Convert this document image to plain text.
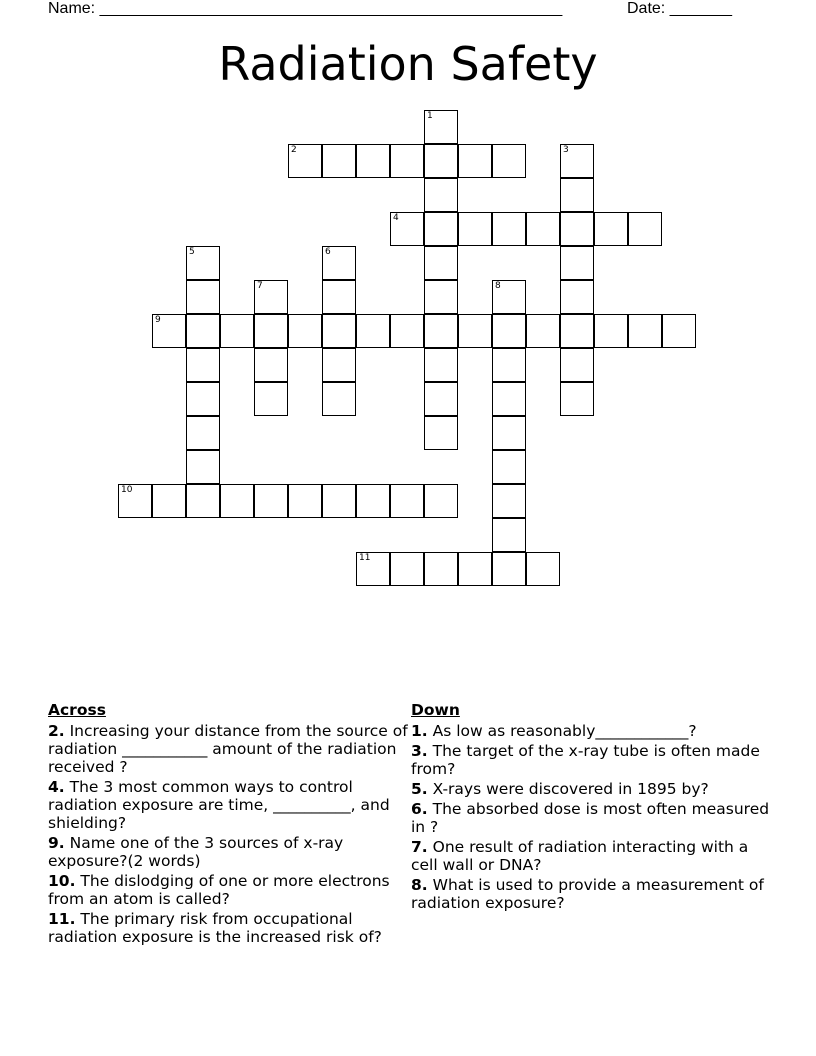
Name: ____________________________________________________	Date: _______
Radiation Safety
1
2	3
4
5	6
7	8
9
10
11
Across
2. Increasing your distance from the source of radiation ___________ amount of the radiation received ?
4. The 3 most common ways to control radiation exposure are time, __________, and shielding?
9. Name one of the 3 sources of x-ray exposure?(2 words)
10. The dislodging of one or more electrons from an atom is called?
11. The primary risk from occupational radiation exposure is the increased risk of?
Down
1. As low as reasonably____________?
3. The target of the x-ray tube is often made from?
5. X-rays were discovered in 1895 by?
6. The absorbed dose is most often measured in ?
7. One result of radiation interacting with a cell wall or DNA?
8. What is used to provide a measurement of radiation exposure?
